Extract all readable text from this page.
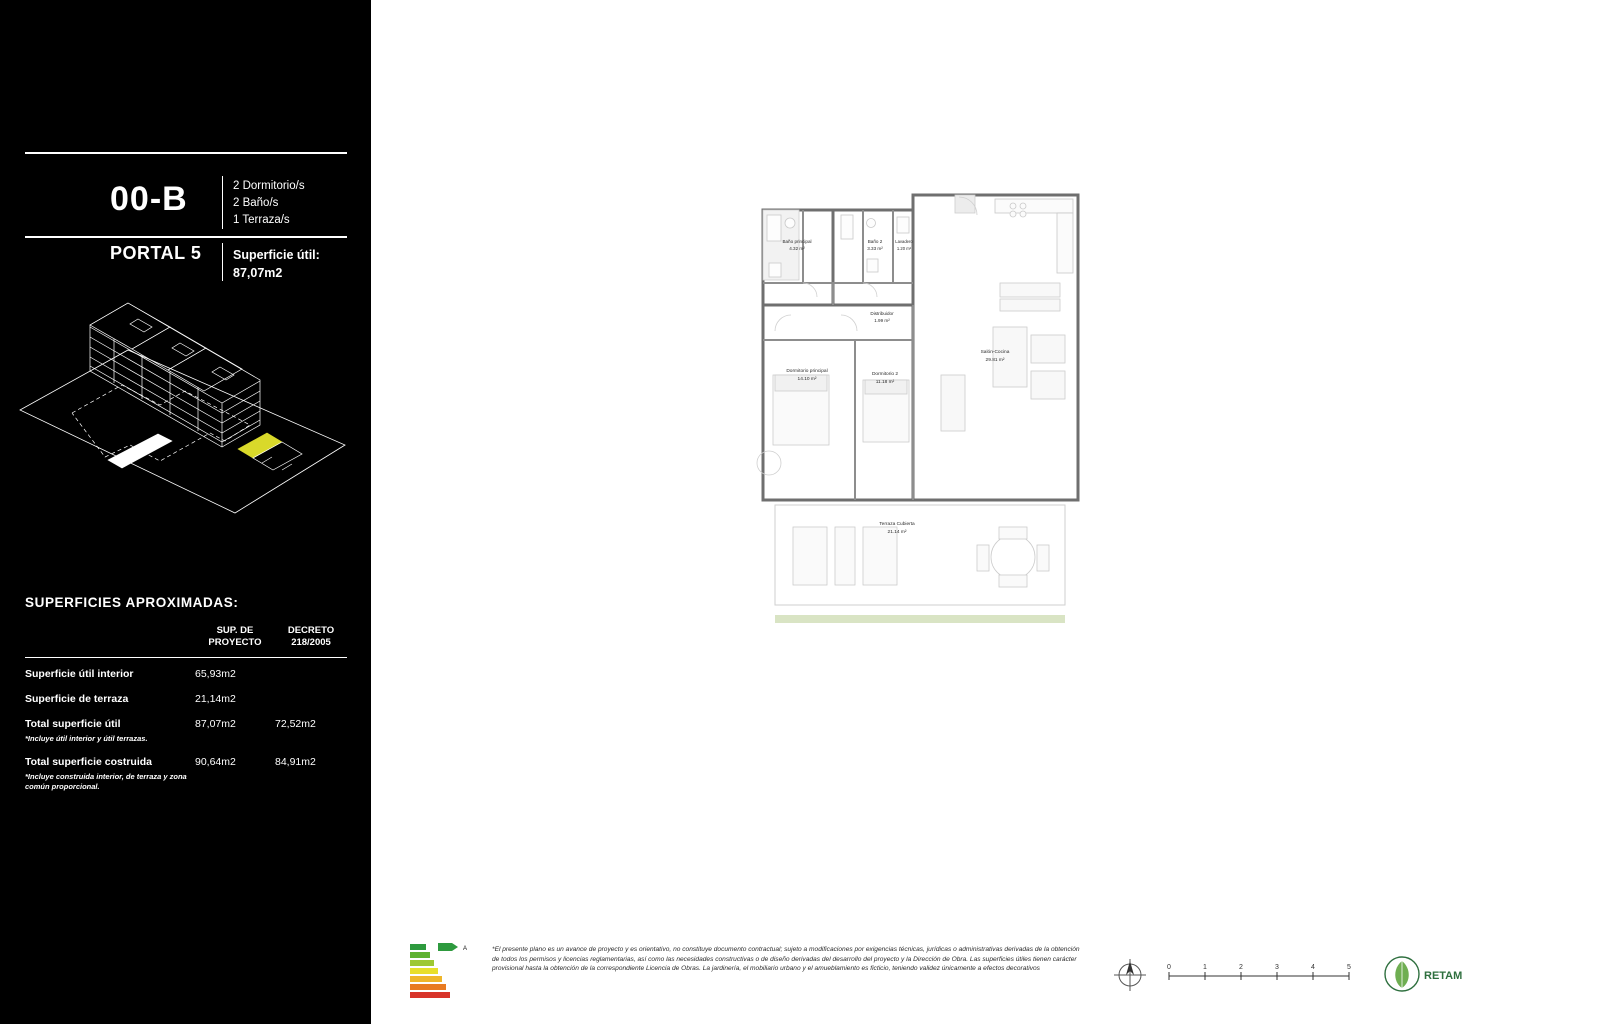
00-B	2 Dormitorio/s
2 Baño/s
1 Terraza/s
PORTAL 5	Superficie útil:
87,07m2
SUPERFICIES APROXIMADAS:
SUP. DE
PROYECTO
DECRETO
218/2005
Superficie útil interior	65,93m2
Superficie de terraza	21,14m2
Total superficie útil	87,07m2	72,52m2
*Incluye útil interior y útil terrazas.
Total superficie costruida	90,64m2	84,91m2
*Incluye construida interior, de terraza y zona común proporcional.
Baño principal
4.32 m²
Baño 2
3.33 m²
Lavadero
1.20 m²
Distribuidor
1.99 m²
Dormitorio principal
14.10 m²
Dormitorio 2
11.18 m²
Salón-Cocina
29.81 m²
Terraza Cubierta
21.14 m²
A	*El presente plano es un avance de proyecto y es orientativo, no constituye documento contractual; sujeto a modificaciones por exigencias técnicas, jurídicas o administrativas derivadas de la obtención de todos los permisos y licencias reglamentarias, así como las necesidades constructivas o de diseño derivadas del desarrollo del proyecto y la Dirección de Obra. Las superficies útiles tienen carácter provisional hasta la obtención de la correspondiente Licencia de Obras. La jardinería, el mobiliario urbano y el amueblamiento es ficticio, teniendo validez únicamente a efectos decorativos	0	1	2	3	4	5
RETAM
